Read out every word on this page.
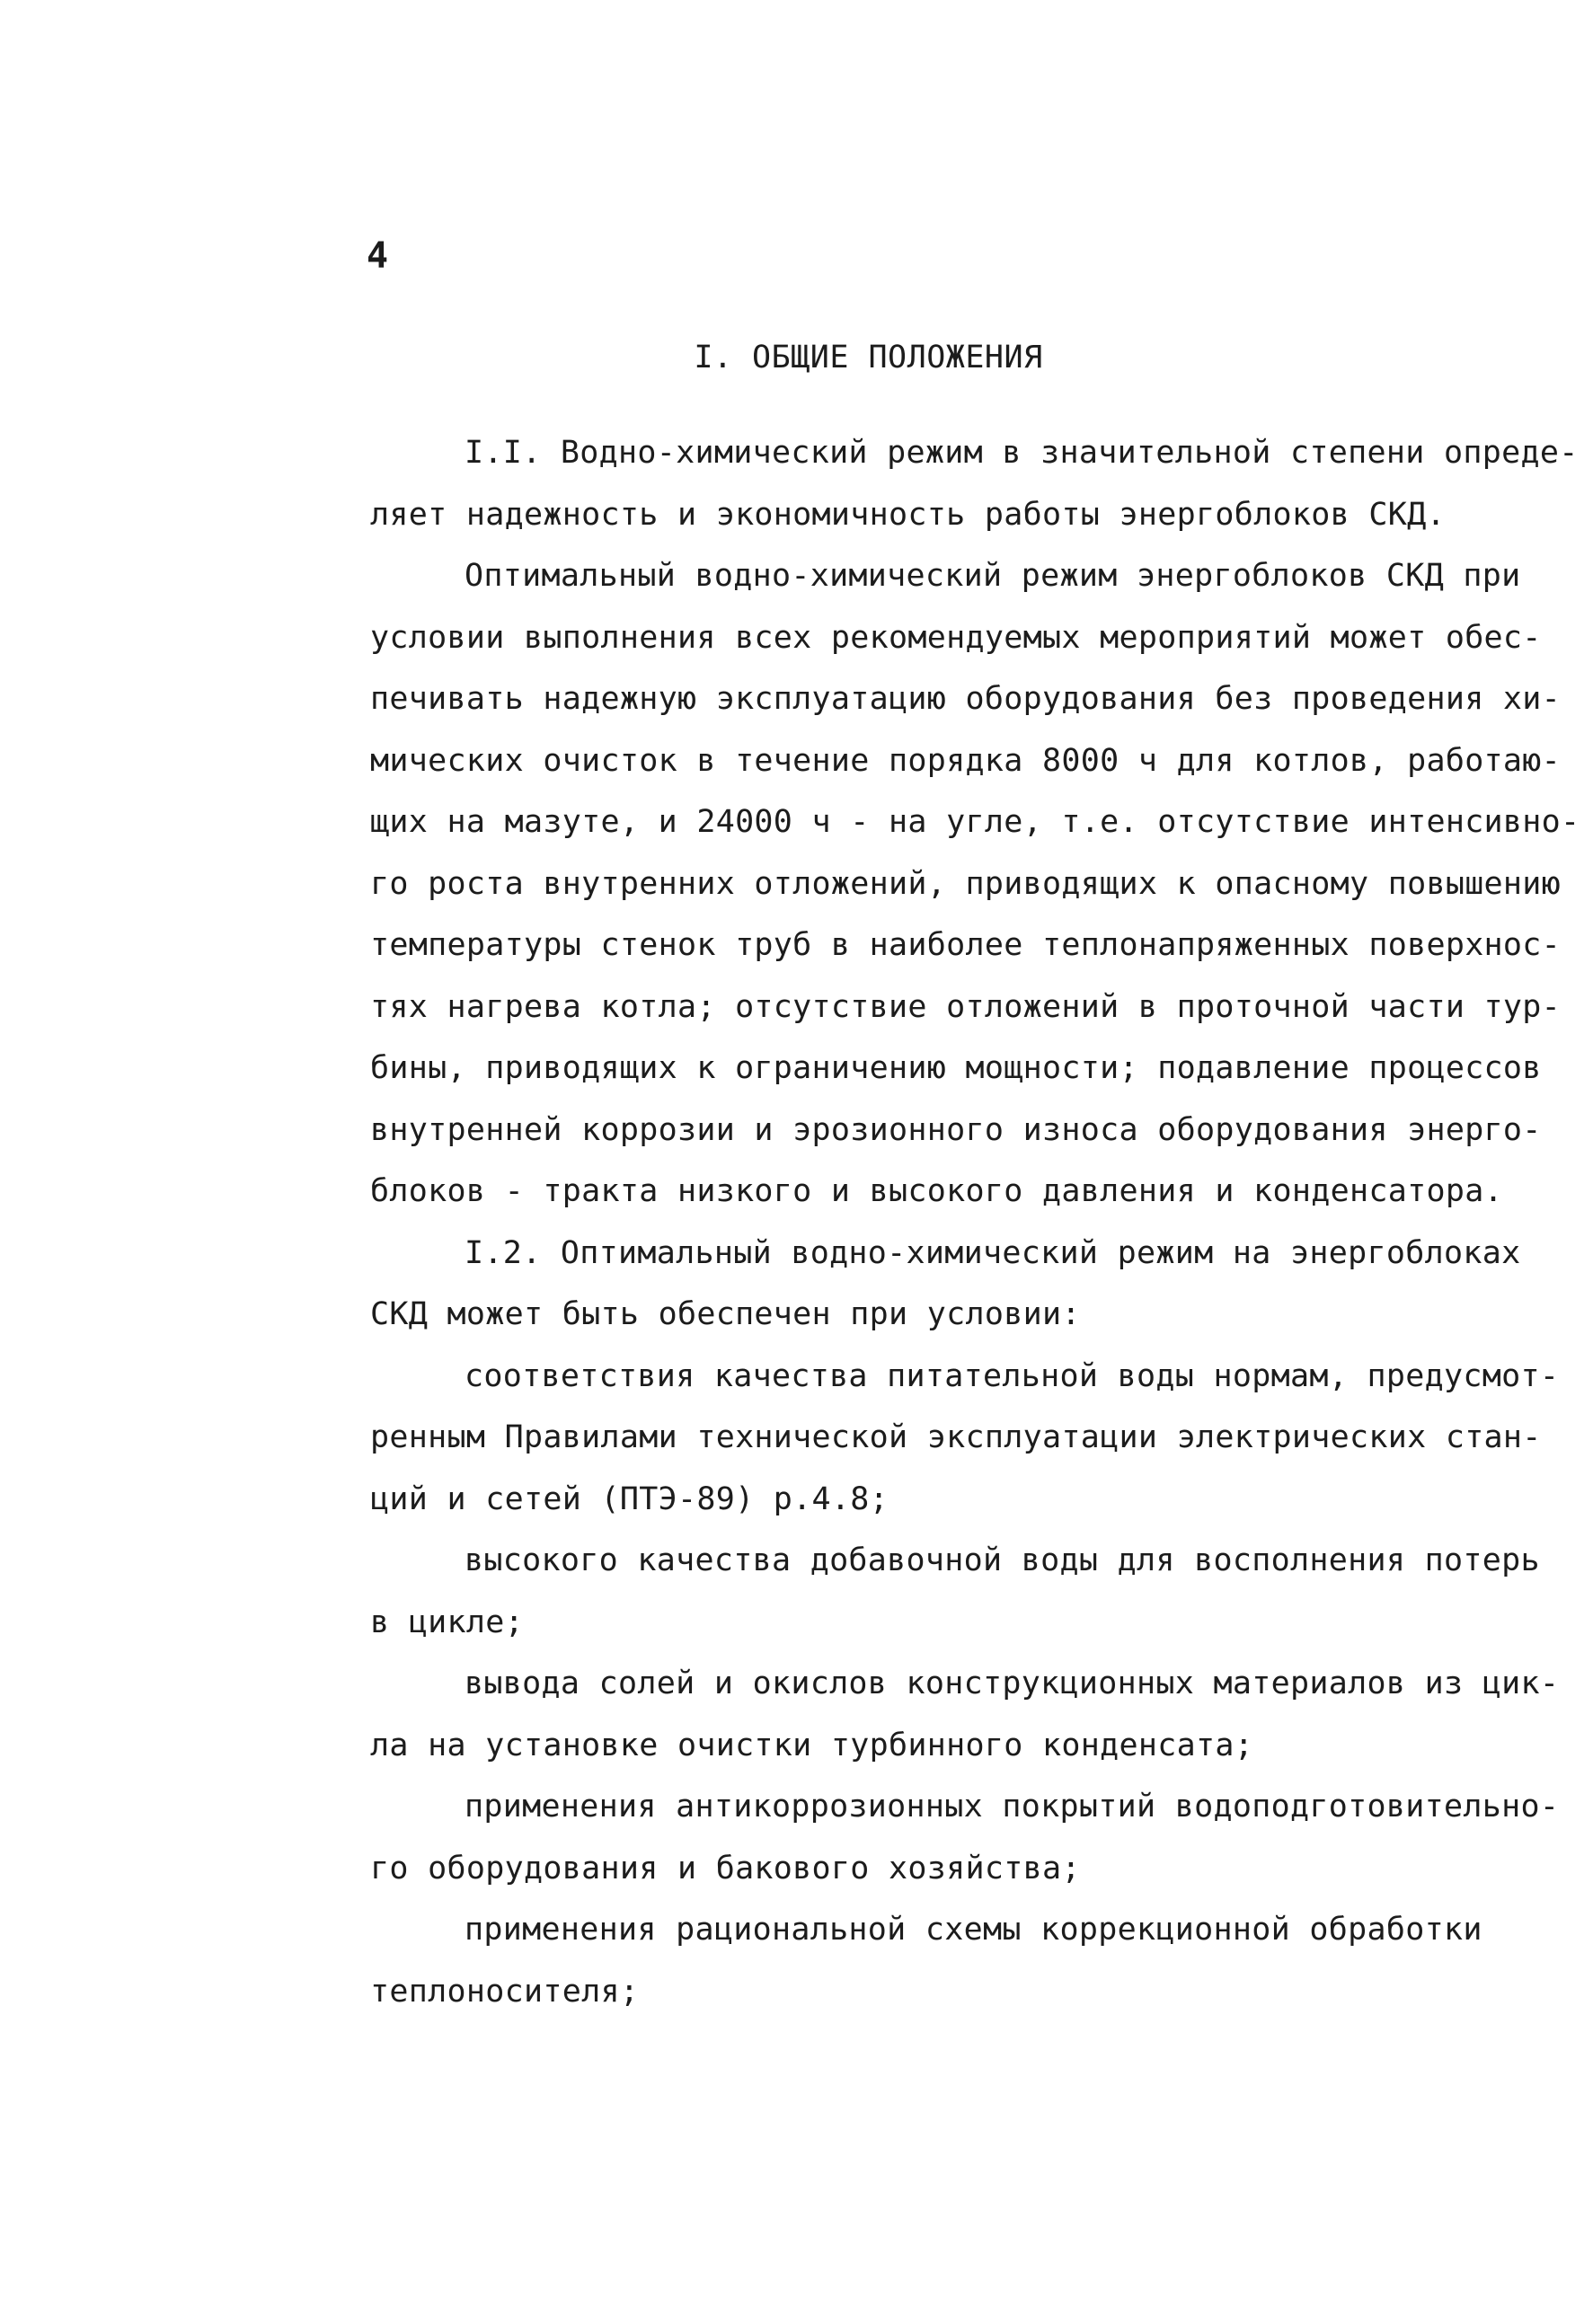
4
I. ОБЩИЕ ПОЛОЖЕНИЯ
I.I. Водно-химический режим в значительной степени опреде-
ляет надежность и экономичность работы энергоблоков СКД.
Оптимальный водно-химический режим энергоблоков СКД при
условии выполнения всех рекомендуемых мероприятий может обес-
печивать надежную эксплуатацию оборудования без проведения хи-
мических очисток в течение порядка 8000 ч для котлов, работаю-
щих на мазуте, и 24000 ч - на угле, т.е. отсутствие интенсивно-
го роста внутренних отложений, приводящих к опасному повышению
температуры стенок труб в наиболее теплонапряженных поверхнос-
тях нагрева котла; отсутствие отложений в проточной части тур-
бины, приводящих к ограничению мощности; подавление процессов
внутренней коррозии и эрозионного износа оборудования энерго-
блоков - тракта низкого и высокого давления и конденсатора.
I.2. Оптимальный водно-химический режим на энергоблоках
СКД может быть обеспечен при условии:
соответствия качества питательной воды нормам, предусмот-
ренным Правилами технической эксплуатации электрических стан-
ций и сетей (ПТЭ-89) р.4.8;
высокого качества добавочной воды для восполнения потерь
в цикле;
вывода солей и окислов конструкционных материалов из цик-
ла на установке очистки турбинного конденсата;
применения антикоррозионных покрытий водоподготовительно-
го оборудования и бакового хозяйства;
применения рациональной схемы коррекционной обработки
теплоносителя;
